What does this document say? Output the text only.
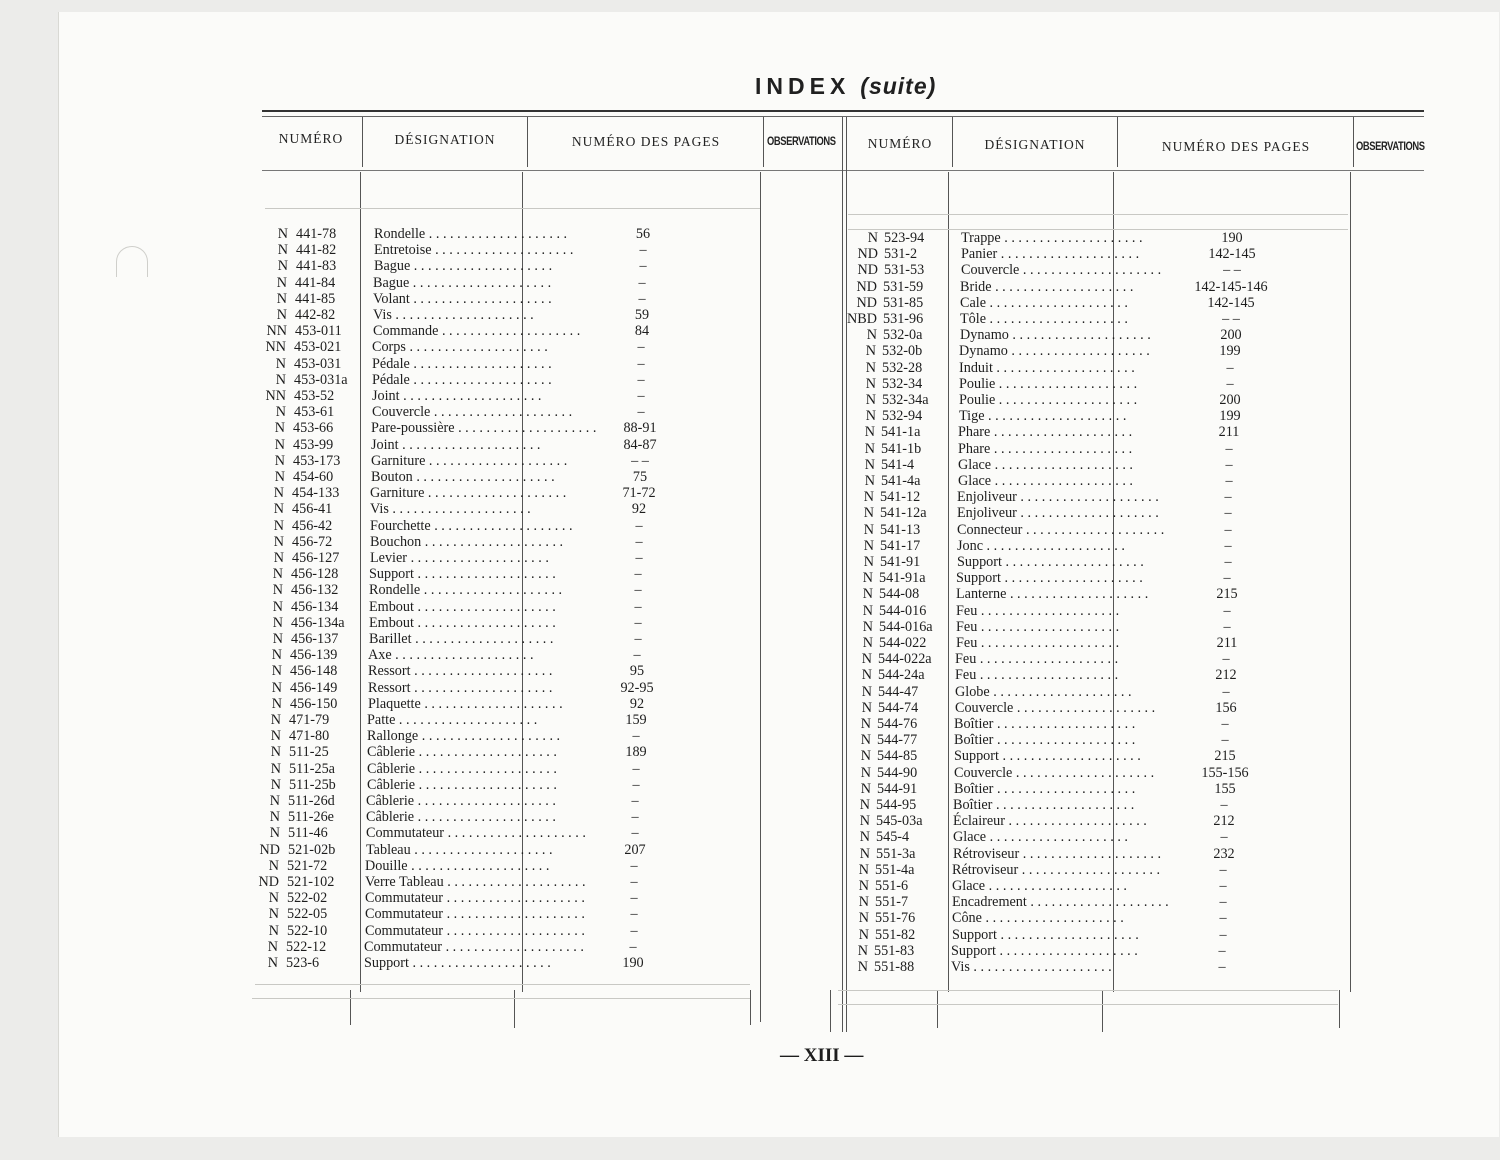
INDEX (suite)
NUMÉRO	DÉSIGNATION	NUMÉRO DES PAGES	OBSERVATIONS	NUMÉRO	DÉSIGNATION	NUMÉRO DES PAGES	OBSERVATIONS
N 441-78	Rondelle . . . . . . . . . . . . . . . . . . . .	56
N 441-82	Entretoise . . . . . . . . . . . . . . . . . . . .	–
N 441-83	Bague . . . . . . . . . . . . . . . . . . . .	–
N 441-84	Bague . . . . . . . . . . . . . . . . . . . .	–
N 441-85	Volant . . . . . . . . . . . . . . . . . . . .	–
N 442-82	Vis . . . . . . . . . . . . . . . . . . . .	59
NN 453-011	Commande . . . . . . . . . . . . . . . . . . . .	84
NN 453-021	Corps . . . . . . . . . . . . . . . . . . . .	–
N 453-031	Pédale . . . . . . . . . . . . . . . . . . . .	–
N 453-031a	Pédale . . . . . . . . . . . . . . . . . . . .	–
NN 453-52	Joint . . . . . . . . . . . . . . . . . . . .	–
N 453-61	Couvercle . . . . . . . . . . . . . . . . . . . .	–
N 453-66	Pare-poussière . . . . . . . . . . . . . . . . . . . .	88-91
N 453-99	Joint . . . . . . . . . . . . . . . . . . . .	84-87
N 453-173	Garniture . . . . . . . . . . . . . . . . . . . .	– –
N 454-60	Bouton . . . . . . . . . . . . . . . . . . . .	75
N 454-133	Garniture . . . . . . . . . . . . . . . . . . . .	71-72
N 456-41	Vis . . . . . . . . . . . . . . . . . . . .	92
N 456-42	Fourchette . . . . . . . . . . . . . . . . . . . .	–
N 456-72	Bouchon . . . . . . . . . . . . . . . . . . . .	–
N 456-127	Levier . . . . . . . . . . . . . . . . . . . .	–
N 456-128	Support . . . . . . . . . . . . . . . . . . . .	–
N 456-132	Rondelle . . . . . . . . . . . . . . . . . . . .	–
N 456-134	Embout . . . . . . . . . . . . . . . . . . . .	–
N 456-134a	Embout . . . . . . . . . . . . . . . . . . . .	–
N 456-137	Barillet . . . . . . . . . . . . . . . . . . . .	–
N 456-139	Axe . . . . . . . . . . . . . . . . . . . .	–
N 456-148	Ressort . . . . . . . . . . . . . . . . . . . .	95
N 456-149	Ressort . . . . . . . . . . . . . . . . . . . .	92-95
N 456-150	Plaquette . . . . . . . . . . . . . . . . . . . .	92
N 471-79	Patte . . . . . . . . . . . . . . . . . . . .	159
N 471-80	Rallonge . . . . . . . . . . . . . . . . . . . .	–
N 511-25	Câblerie . . . . . . . . . . . . . . . . . . . .	189
N 511-25a	Câblerie . . . . . . . . . . . . . . . . . . . .	–
N 511-25b	Câblerie . . . . . . . . . . . . . . . . . . . .	–
N 511-26d	Câblerie . . . . . . . . . . . . . . . . . . . .	–
N 511-26e	Câblerie . . . . . . . . . . . . . . . . . . . .	–
N 511-46	Commutateur . . . . . . . . . . . . . . . . . . . .	–
ND 521-02b	Tableau . . . . . . . . . . . . . . . . . . . .	207
N 521-72	Douille . . . . . . . . . . . . . . . . . . . .	–
ND 521-102	Verre Tableau . . . . . . . . . . . . . . . . . . . .	–
N 522-02	Commutateur . . . . . . . . . . . . . . . . . . . .	–
N 522-05	Commutateur . . . . . . . . . . . . . . . . . . . .	–
N 522-10	Commutateur . . . . . . . . . . . . . . . . . . . .	–
N 522-12	Commutateur . . . . . . . . . . . . . . . . . . . .	–
N 523-6	Support . . . . . . . . . . . . . . . . . . . .	190
N 523-94	Trappe . . . . . . . . . . . . . . . . . . . .	190
ND 531-2	Panier . . . . . . . . . . . . . . . . . . . .	142-145
ND 531-53	Couvercle . . . . . . . . . . . . . . . . . . . .	– –
ND 531-59	Bride . . . . . . . . . . . . . . . . . . . .	142-145-146
ND 531-85	Cale . . . . . . . . . . . . . . . . . . . .	142-145
NBD 531-96	Tôle . . . . . . . . . . . . . . . . . . . .	– –
N 532-0a	Dynamo . . . . . . . . . . . . . . . . . . . .	200
N 532-0b	Dynamo . . . . . . . . . . . . . . . . . . . .	199
N 532-28	Induit . . . . . . . . . . . . . . . . . . . .	–
N 532-34	Poulie . . . . . . . . . . . . . . . . . . . .	–
N 532-34a	Poulie . . . . . . . . . . . . . . . . . . . .	200
N 532-94	Tige . . . . . . . . . . . . . . . . . . . .	199
N 541-1a	Phare . . . . . . . . . . . . . . . . . . . .	211
N 541-1b	Phare . . . . . . . . . . . . . . . . . . . .	–
N 541-4	Glace . . . . . . . . . . . . . . . . . . . .	–
N 541-4a	Glace . . . . . . . . . . . . . . . . . . . .	–
N 541-12	Enjoliveur . . . . . . . . . . . . . . . . . . . .	–
N 541-12a	Enjoliveur . . . . . . . . . . . . . . . . . . . .	–
N 541-13	Connecteur . . . . . . . . . . . . . . . . . . . .	–
N 541-17	Jonc . . . . . . . . . . . . . . . . . . . .	–
N 541-91	Support . . . . . . . . . . . . . . . . . . . .	–
N 541-91a	Support . . . . . . . . . . . . . . . . . . . .	–
N 544-08	Lanterne . . . . . . . . . . . . . . . . . . . .	215
N 544-016	Feu . . . . . . . . . . . . . . . . . . . .	–
N 544-016a	Feu . . . . . . . . . . . . . . . . . . . .	–
N 544-022	Feu . . . . . . . . . . . . . . . . . . . .	211
N 544-022a	Feu . . . . . . . . . . . . . . . . . . . .	–
N 544-24a	Feu . . . . . . . . . . . . . . . . . . . .	212
N 544-47	Globe . . . . . . . . . . . . . . . . . . . .	–
N 544-74	Couvercle . . . . . . . . . . . . . . . . . . . .	156
N 544-76	Boîtier . . . . . . . . . . . . . . . . . . . .	–
N 544-77	Boîtier . . . . . . . . . . . . . . . . . . . .	–
N 544-85	Support . . . . . . . . . . . . . . . . . . . .	215
N 544-90	Couvercle . . . . . . . . . . . . . . . . . . . .	155-156
N 544-91	Boîtier . . . . . . . . . . . . . . . . . . . .	155
N 544-95	Boîtier . . . . . . . . . . . . . . . . . . . .	–
N 545-03a	Éclaireur . . . . . . . . . . . . . . . . . . . .	212
N 545-4	Glace . . . . . . . . . . . . . . . . . . . .	–
N 551-3a	Rétroviseur . . . . . . . . . . . . . . . . . . . .	232
N 551-4a	Rétroviseur . . . . . . . . . . . . . . . . . . . .	–
N 551-6	Glace . . . . . . . . . . . . . . . . . . . .	–
N 551-7	Encadrement . . . . . . . . . . . . . . . . . . . .	–
N 551-76	Cône . . . . . . . . . . . . . . . . . . . .	–
N 551-82	Support . . . . . . . . . . . . . . . . . . . .	–
N 551-83	Support . . . . . . . . . . . . . . . . . . . .	–
N 551-88	Vis . . . . . . . . . . . . . . . . . . . .	–
— XIII —
